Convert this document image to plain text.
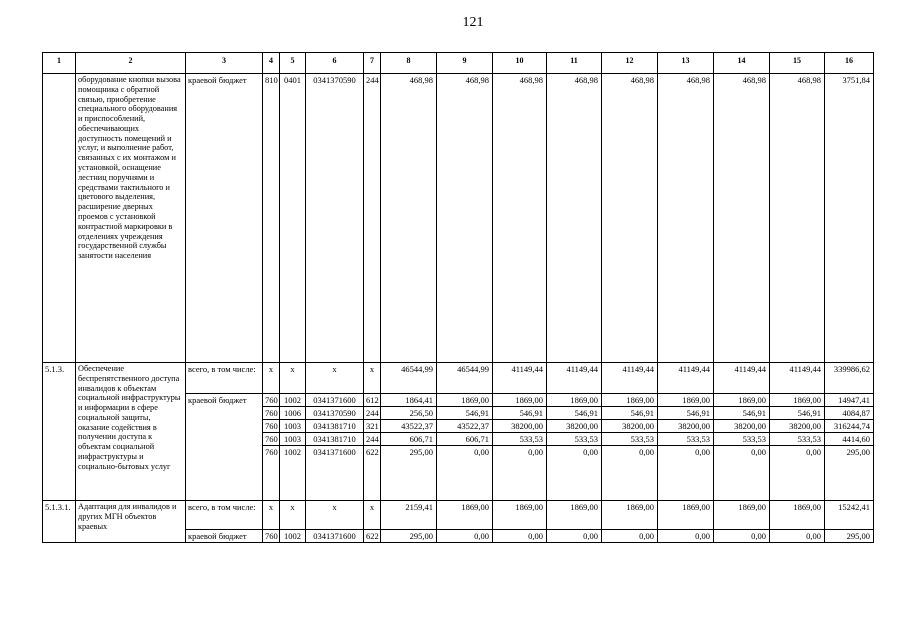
121
1	2	3	4	5	6	7	8	9	10	11	12	13	14	15	16
	оборудование кнопки вызова помощника с обратной связью, приобретение специального оборудования и приспособлений, обеспечивающих доступность помещений и услуг, и выполнение работ, связанных с их монтажом и установкой, оснащение лестниц поручнями и средствами тактильного и цветового выделения, расширение дверных проемов с установкой контрастной маркировки в отделениях учреждения государственной службы занятости населения	краевой бюджет	810	0401	0341370590	244	468,98	468,98	468,98	468,98	468,98	468,98	468,98	468,98	3751,84
5.1.3.	Обеспечение беспрепятственного доступа инвалидов к объектам социальной инфраструктуры и информации в сфере социальной защиты, оказание содействия в получении доступа к объектам социальной инфраструктуры и социально-бытовых услуг	всего, в том числе:	x	x	x	x	46544,99	46544,99	41149,44	41149,44	41149,44	41149,44	41149,44	41149,44	339986,62
		краевой бюджет	760	1002	0341371600	612	1864,41	1869,00	1869,00	1869,00	1869,00	1869,00	1869,00	1869,00	14947,41
			760	1006	0341370590	244	256,50	546,91	546,91	546,91	546,91	546,91	546,91	546,91	4084,87
			760	1003	0341381710	321	43522,37	43522,37	38200,00	38200,00	38200,00	38200,00	38200,00	38200,00	316244,74
			760	1003	0341381710	244	606,71	606,71	533,53	533,53	533,53	533,53	533,53	533,53	4414,60
			760	1002	0341371600	622	295,00	0,00	0,00	0,00	0,00	0,00	0,00	0,00	295,00
5.1.3.1.	Адаптация для инвалидов и других МГН объектов краевых	всего, в том числе:	x	x	x	x	2159,41	1869,00	1869,00	1869,00	1869,00	1869,00	1869,00	1869,00	15242,41
		краевой бюджет	760	1002	0341371600	622	295,00	0,00	0,00	0,00	0,00	0,00	0,00	0,00	295,00
